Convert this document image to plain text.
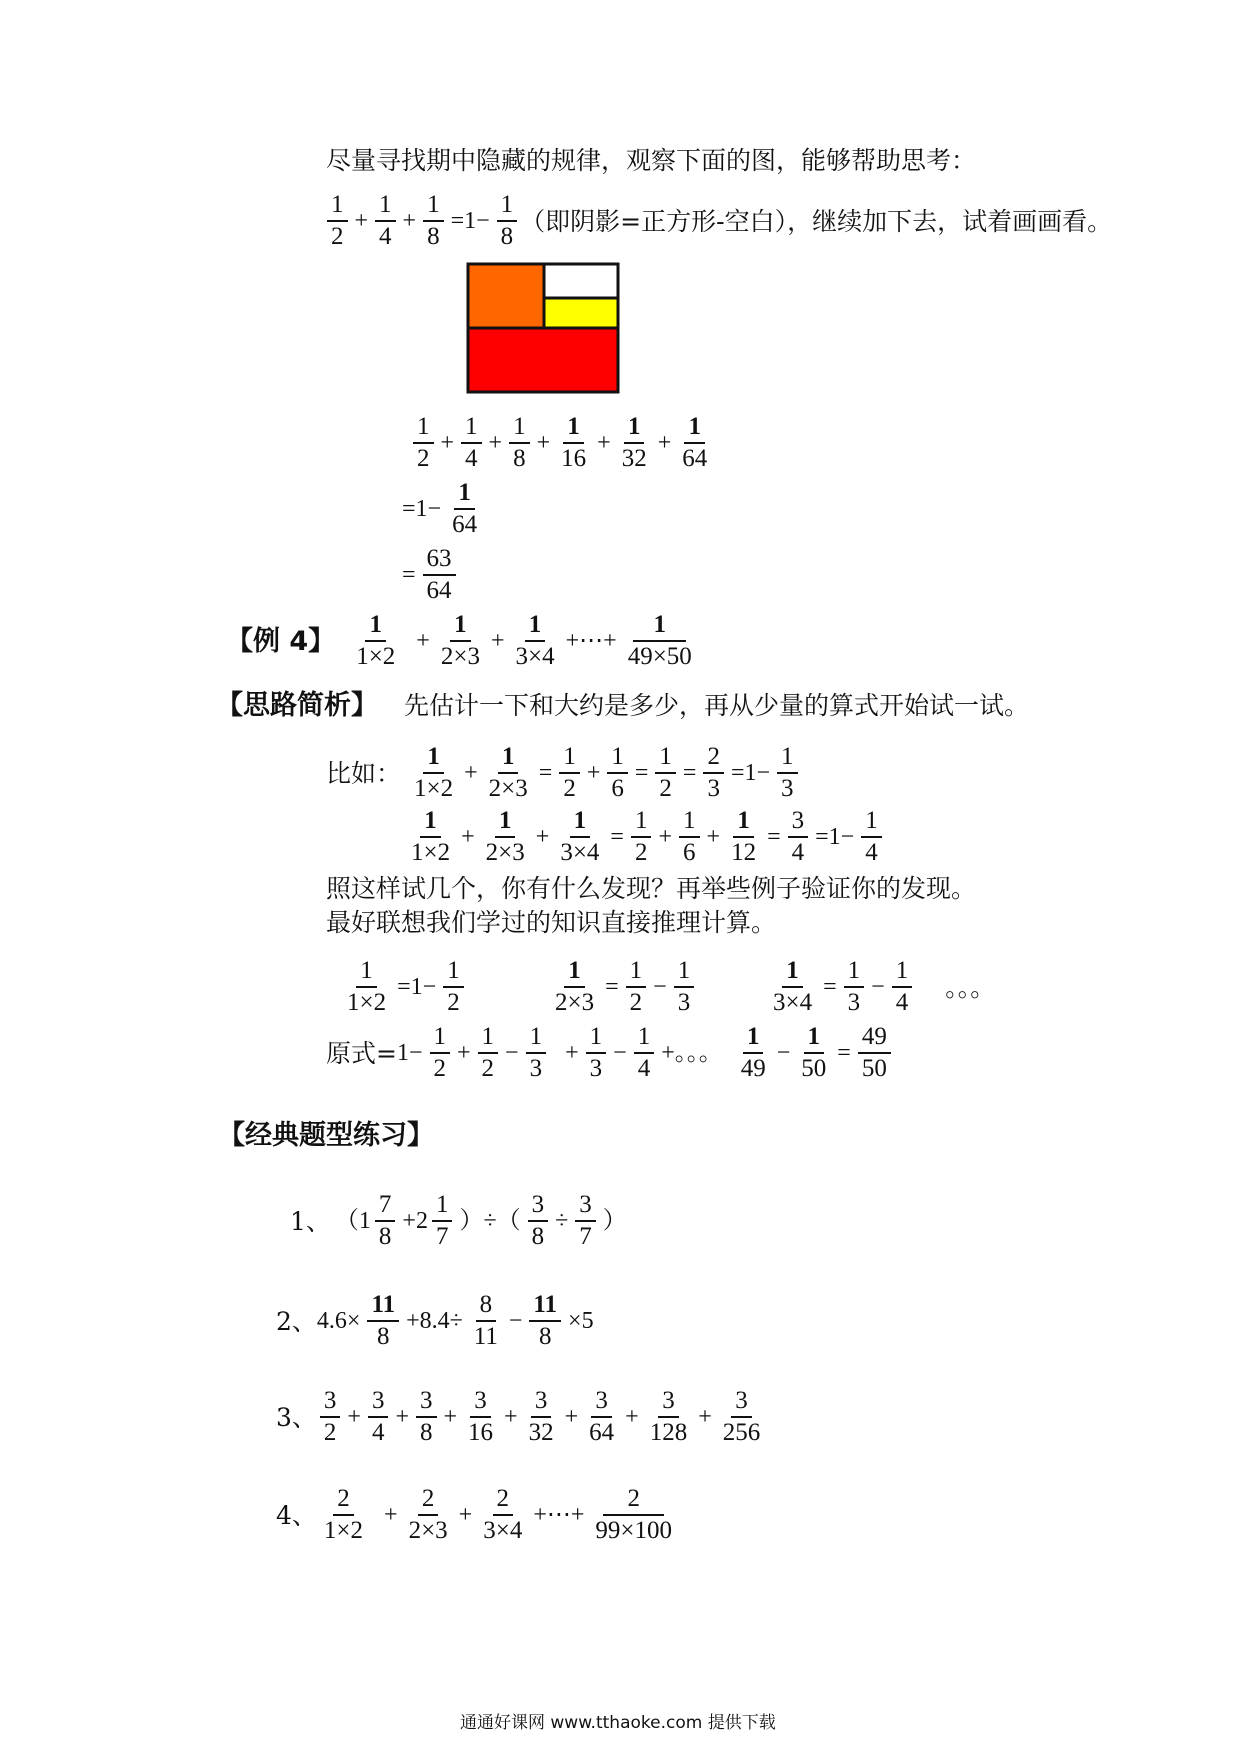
尽量寻找期中隐藏的规律，观察下面的图，能够帮助思考：
1
2
+ $\frac{1}{4} + \frac{1}{8} =1- \frac{1}{8}$ （即阴影=正方形-空白），继续加下去，试着画画看。
1
2
+ $\frac{1}{4} + \frac{1}{8} + \frac{1}{16} + \frac{1}{32} + \frac{1}{64}$
$=1- \frac{1}{64}$
= $\frac{63}{64}$
【例 4】
1
1×2
+ $\frac{1}{2\times 3} + \frac{1}{3\times 4}$ +⋯+ $\frac{1}{49\times 50}$
【思路简析】 先估计一下和大约是多少，再从少量的算式开始试一试。
比如：
1
1×2
+ $\frac{1}{2\times 3} = \frac{1}{2} + \frac{1}{6} = \frac{1}{2} = \frac{2}{3} =1- \frac{1}{3}$
1
1×2
+ $\frac{1}{2\times 3} + \frac{1}{3\times 4} = \frac{1}{2} + \frac{1}{6} + \frac{1}{12} = \frac{3}{4} =1- \frac{1}{4}$
照这样试几个，你有什么发现？再举些例子验证你的发现。
最好联想我们学过的知识直接推理计算。
$\frac{1}{1\times 2} =1- \frac{1}{2}$	$\frac{1}{2\times 3} = \frac{1}{2} - \frac{1}{3}$	$\frac{1}{3\times 4} = \frac{1}{3} - \frac{1}{4}$ 。。。
原式= $1- \frac{1}{2} + \frac{1}{2} - \frac{1}{3} + \frac{1}{3} - \frac{1}{4}$ +。。。
1
49
− $\frac{1}{50} = \frac{49}{50}$
【经典题型练习】
1、 （1
7
8
+2
1
7
）÷（ $\frac{3}{8} \div \frac{3}{7}$ ）
2、 $4.6\times \frac{11}{8} +8.4\div \frac{8}{11} - \frac{11}{8} \times 5$
3、
3
2
+ $\frac{3}{4} + \frac{3}{8} + \frac{3}{16} + \frac{3}{32} + \frac{3}{64} + \frac{3}{128} + \frac{3}{256}$
4、
2
1×2
+ $\frac{2}{2\times 3} + \frac{2}{3\times 4}$ +⋯+ $\frac{2}{99\times 100}$
通通好课网 www.tthaoke.com 提供下载
